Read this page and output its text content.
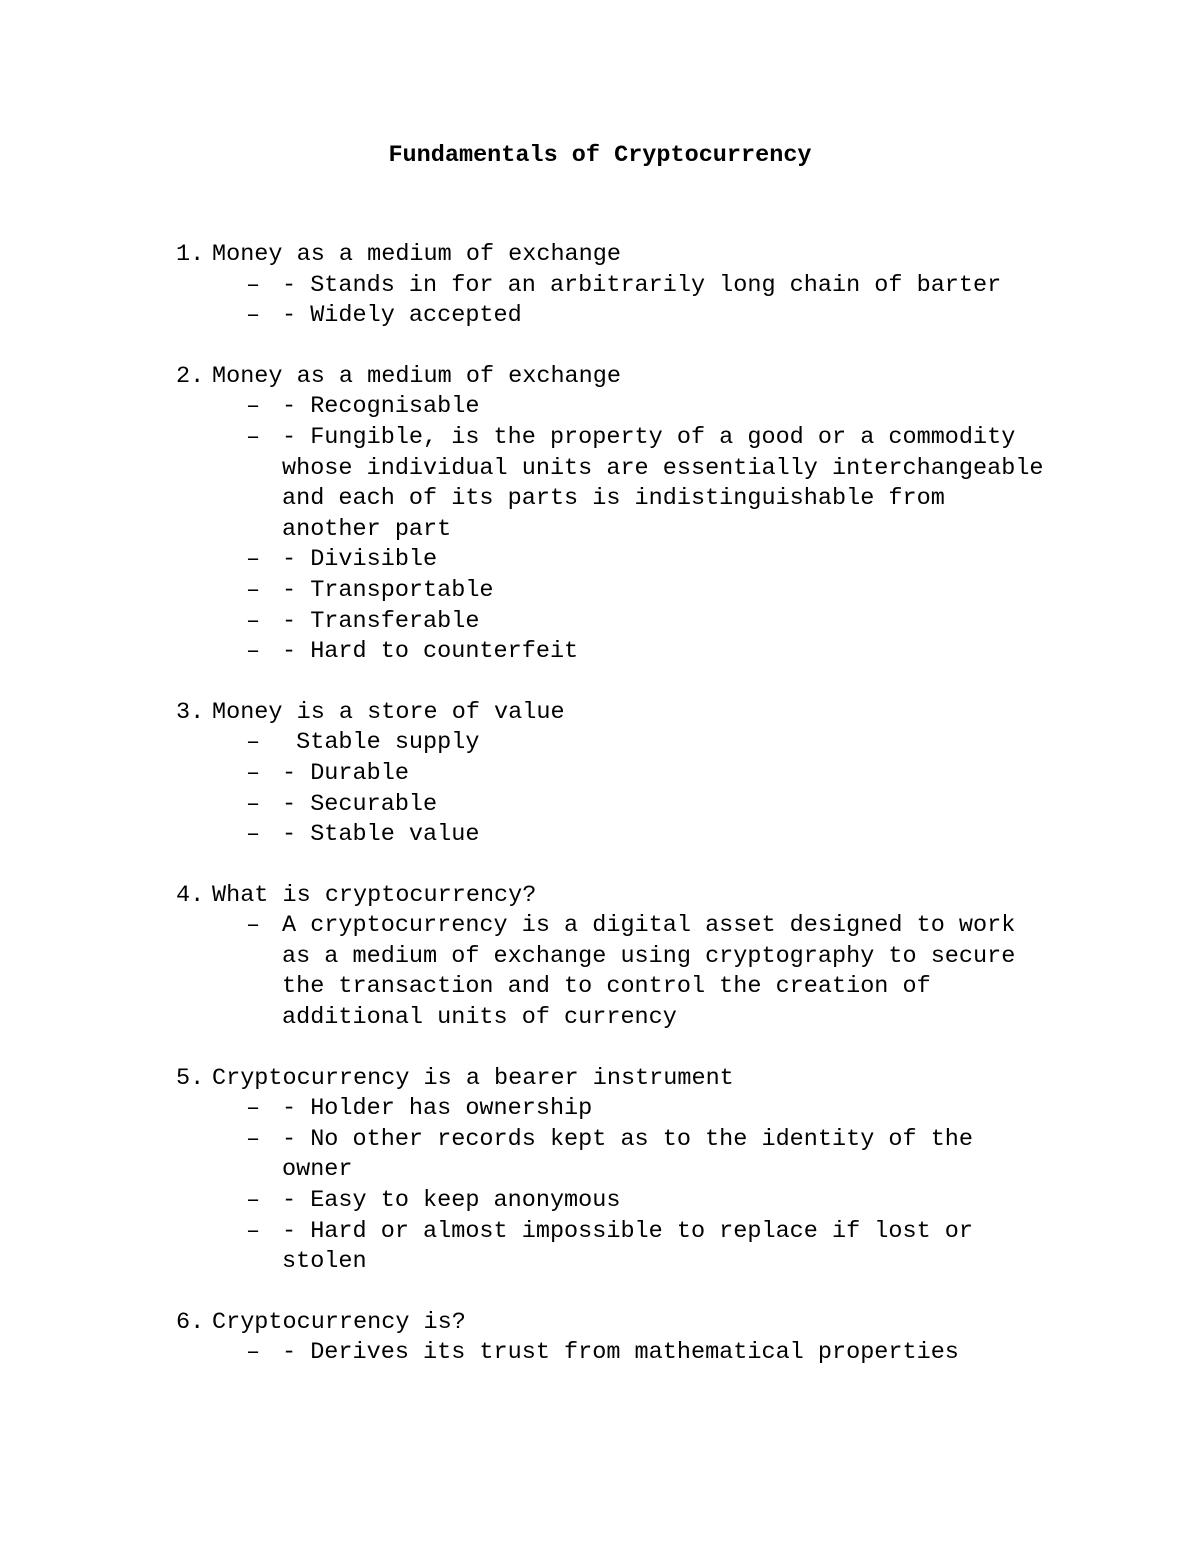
Fundamentals of Cryptocurrency
1. Money as a medium of exchange
– - Stands in for an arbitrarily long chain of barter
– - Widely accepted
2. Money as a medium of exchange
– - Recognisable
– - Fungible, is the property of a good or a commodity whose individual units are essentially interchangeable and each of its parts is indistinguishable from another part
– - Divisible
– - Transportable
– - Transferable
– - Hard to counterfeit
3. Money is a store of value
– Stable supply
– - Durable
– - Securable
– - Stable value
4. What is cryptocurrency?
– A cryptocurrency is a digital asset designed to work as a medium of exchange using cryptography to secure the transaction and to control the creation of additional units of currency
5. Cryptocurrency is a bearer instrument
– - Holder has ownership
– - No other records kept as to the identity of the owner
– - Easy to keep anonymous
– - Hard or almost impossible to replace if lost or stolen
6. Cryptocurrency is?
– - Derives its trust from mathematical properties
